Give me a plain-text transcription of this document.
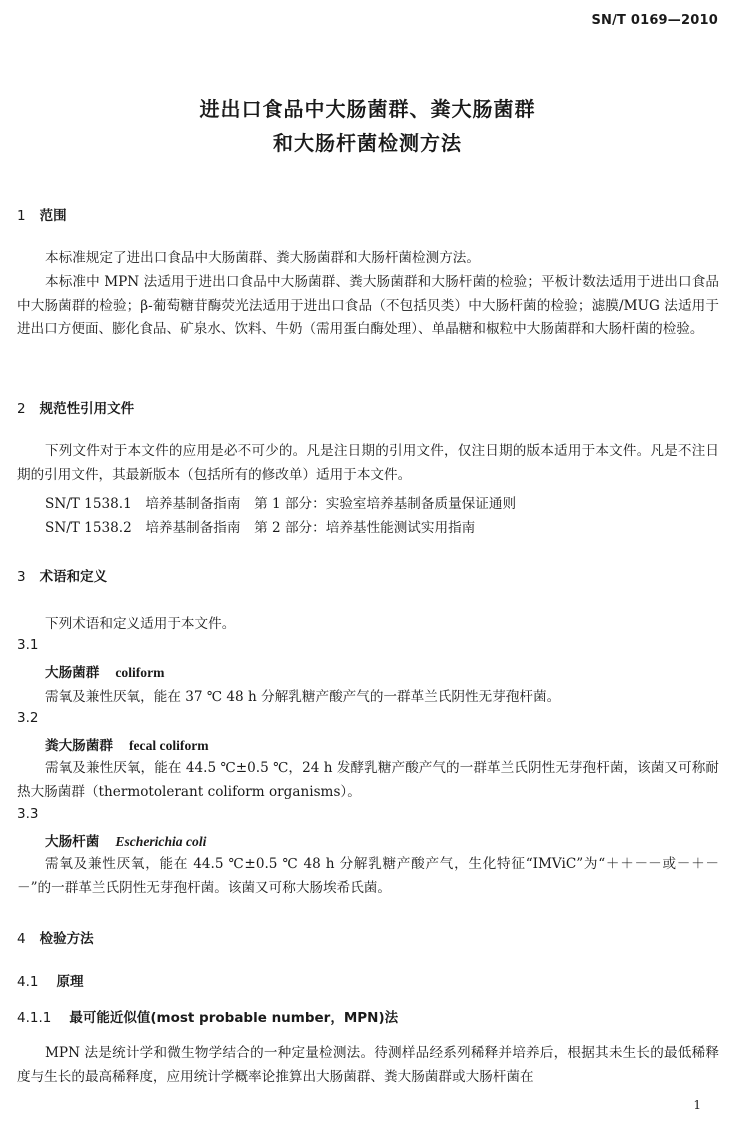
SN/T 0169—2010
进出口食品中大肠菌群、粪大肠菌群
和大肠杆菌检测方法
1 范围

本标准规定了进出口食品中大肠菌群、粪大肠菌群和大肠杆菌检测方法。

本标准中 MPN 法适用于进出口食品中大肠菌群、粪大肠菌群和大肠杆菌的检验；平板计数法适用于进出口食品中大肠菌群的检验；β-葡萄糖苷酶荧光法适用于进出口食品（不包括贝类）中大肠杆菌的检验；滤膜/MUG 法适用于进出口方便面、膨化食品、矿泉水、饮料、牛奶（需用蛋白酶处理）、单晶糖和椒粒中大肠菌群和大肠杆菌的检验。

2 规范性引用文件

下列文件对于本文件的应用是必不可少的。凡是注日期的引用文件，仅注日期的版本适用于本文件。凡是不注日期的引用文件，其最新版本（包括所有的修改单）适用于本文件。

SN/T 1538.1　培养基制备指南　第 1 部分：实验室培养基制备质量保证通则
SN/T 1538.2　培养基制备指南　第 2 部分：培养基性能测试实用指南
3 术语和定义
下列术语和定义适用于本文件。
3.1
大肠菌群 coliform
需氧及兼性厌氧，能在 37 ℃ 48 h 分解乳糖产酸产气的一群革兰氏阴性无芽孢杆菌。
3.2
粪大肠菌群 fecal coliform

需氧及兼性厌氧，能在 44.5 ℃±0.5 ℃，24 h 发酵乳糖产酸产气的一群革兰氏阴性无芽孢杆菌，该菌又可称耐热大肠菌群（thermotolerant coliform organisms）。

3.3
大肠杆菌 Escherichia coli

需氧及兼性厌氧，能在 44.5 ℃±0.5 ℃ 48 h 分解乳糖产酸产气，生化特征“IMViC”为“＋＋－－或－＋－－”的一群革兰氏阴性无芽孢杆菌。该菌又可称大肠埃希氏菌。

4 检验方法
4.1 原理
4.1.1 最可能近似值(most probable number，MPN)法

MPN 法是统计学和微生物学结合的一种定量检测法。待测样品经系列稀释并培养后，根据其未生长的最低稀释度与生长的最高稀释度，应用统计学概率论推算出大肠菌群、粪大肠菌群或大肠杆菌在

1
